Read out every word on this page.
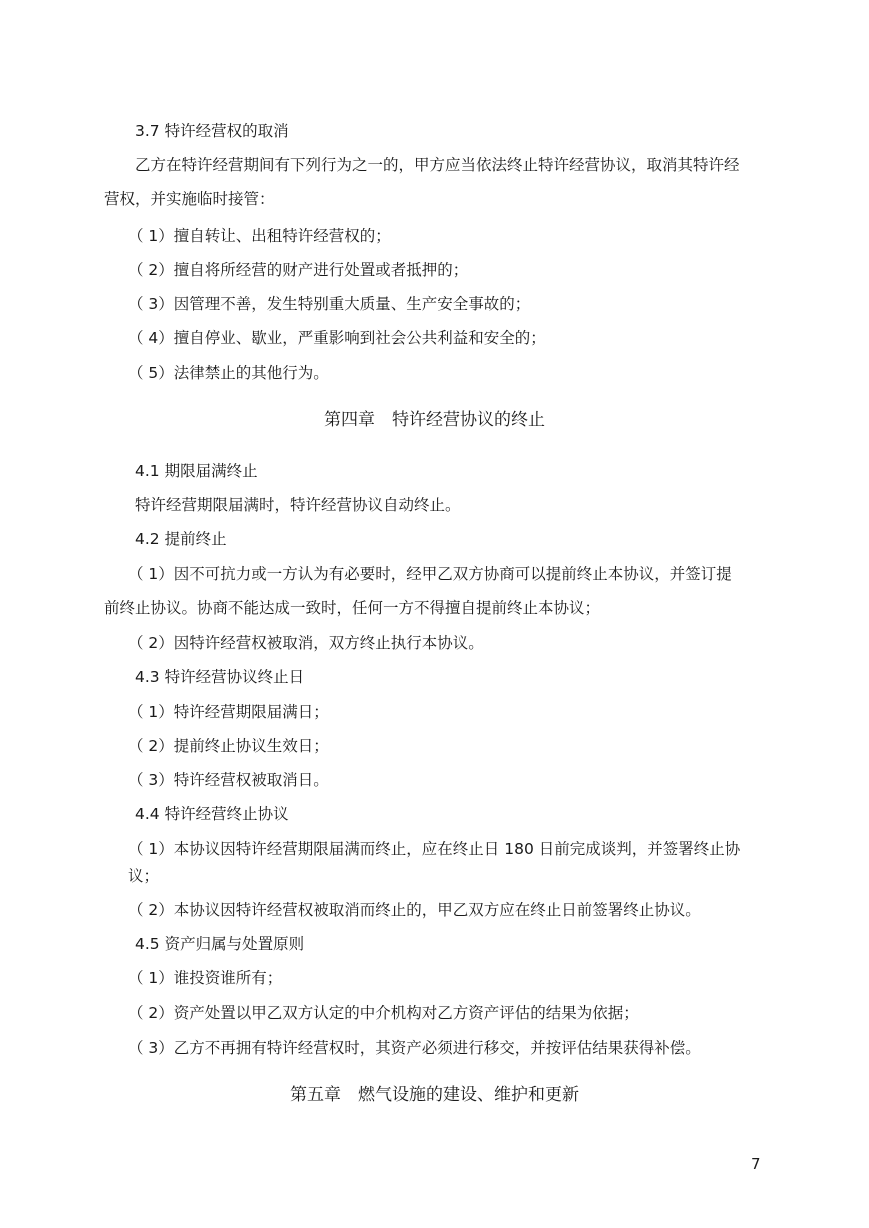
3.7 特许经营权的取消
乙方在特许经营期间有下列行为之一的，甲方应当依法终止特许经营协议，取消其特许经
营权，并实施临时接管：
（ 1）擅自转让、出租特许经营权的；
（ 2）擅自将所经营的财产进行处置或者抵押的；
（ 3）因管理不善，发生特别重大质量、生产安全事故的；
（ 4）擅自停业、歇业，严重影响到社会公共利益和安全的；
（ 5）法律禁止的其他行为。
第四章　特许经营协议的终止
4.1 期限届满终止
特许经营期限届满时，特许经营协议自动终止。
4.2 提前终止
（ 1）因不可抗力或一方认为有必要时，经甲乙双方协商可以提前终止本协议，并签订提
前终止协议。协商不能达成一致时，任何一方不得擅自提前终止本协议；
（ 2）因特许经营权被取消，双方终止执行本协议。
4.3 特许经营协议终止日
（ 1）特许经营期限届满日；
（ 2）提前终止协议生效日；
（ 3）特许经营权被取消日。
4.4 特许经营终止协议
（ 1）本协议因特许经营期限届满而终止，应在终止日 180 日前完成谈判，并签署终止协
议；
（ 2）本协议因特许经营权被取消而终止的，甲乙双方应在终止日前签署终止协议。
4.5 资产归属与处置原则
（ 1）谁投资谁所有；
（ 2）资产处置以甲乙双方认定的中介机构对乙方资产评估的结果为依据；
（ 3）乙方不再拥有特许经营权时，其资产必须进行移交，并按评估结果获得补偿。
第五章　燃气设施的建设、维护和更新
7
